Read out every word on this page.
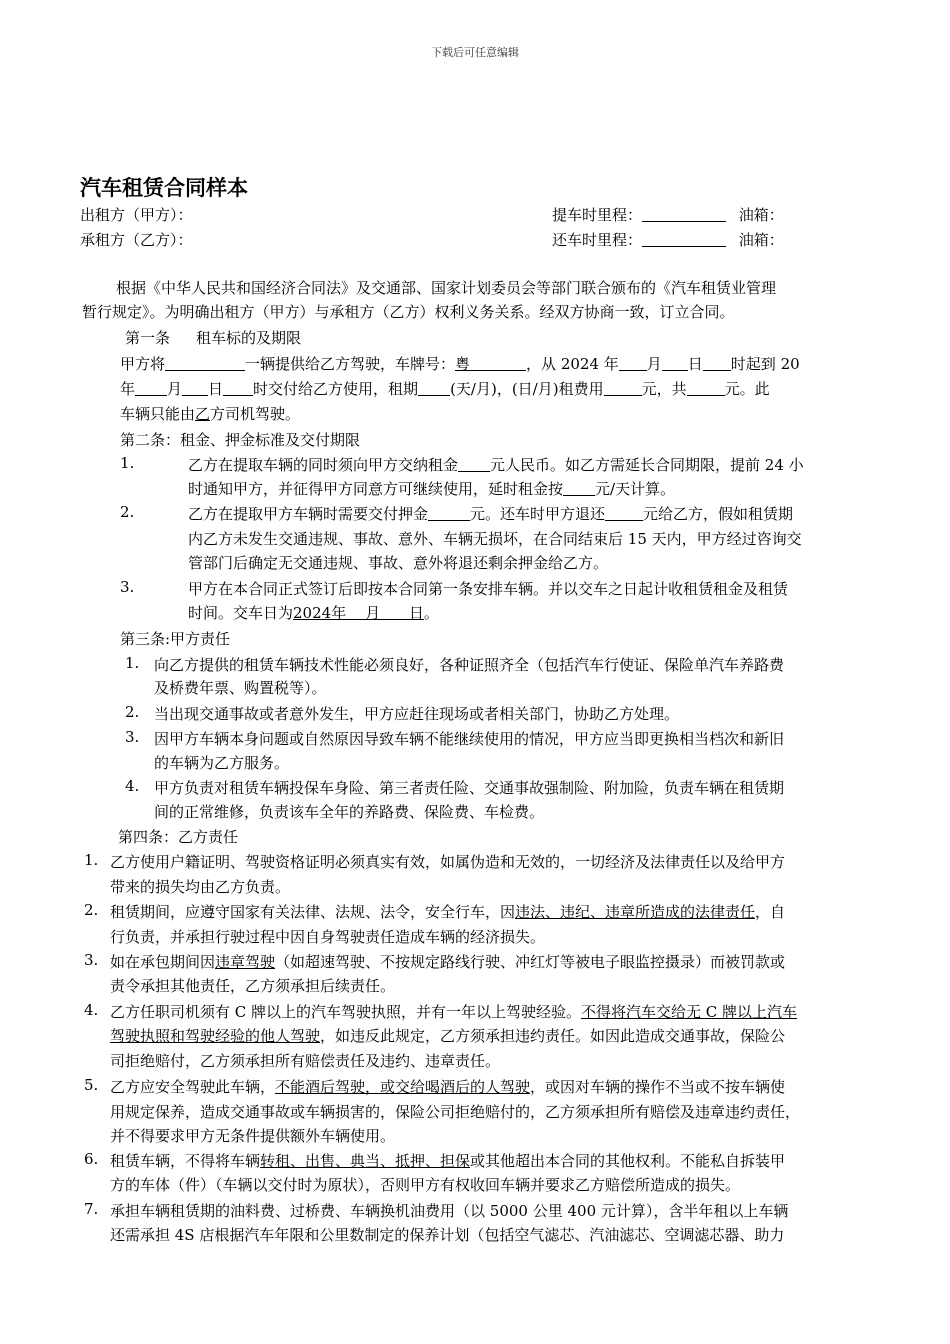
下载后可任意编辑
汽车租赁合同样本
出租方（甲方）：	提车时里程：	油箱：
承租方（乙方）：	还车时里程：	油箱：
根据《中华人民共和国经济合同法》及交通部、国家计划委员会等部门联合颁布的《汽车租赁业管理
暂行规定》。为明确出租方（甲方）与承租方（乙方）权利义务关系。经双方协商一致，订立合同。
第一条 租车标的及期限
甲方将	一辆提供给乙方驾驶，车牌号：粤	，从 2024 年 月 日 时起到 20
年 月 日 时交付给乙方使用，租期 (天/月)，(日/月)租费用	元，共	元。此
车辆只能由乙方司机驾驶。
第二条：租金、押金标准及交付期限
1.	乙方在提取车辆的同时须向甲方交纳租金 元人民币。如乙方需延长合同期限，提前 24 小
时通知甲方，并征得甲方同意方可继续使用，延时租金按 元/天计算。
2.	乙方在提取甲方车辆时需要交付押金	元。还车时甲方退还	元给乙方，假如租赁期
内乙方未发生交通违规、事故、意外、车辆无损坏，在合同结束后 15 天内，甲方经过咨询交
管部门后确定无交通违规、事故、意外将退还剩余押金给乙方。
3.	甲方在本合同正式签订后即按本合同第一条安排车辆。并以交车之日起计收租赁租金及租赁
时间。交车日为2024年    月      日。
第三条:甲方责任
1. 向乙方提供的租赁车辆技术性能必须良好，各种证照齐全（包括汽车行使证、保险单汽车养路费
及桥费年票、购置税等）。
2. 当出现交通事故或者意外发生，甲方应赶往现场或者相关部门，协助乙方处理。
3. 因甲方车辆本身问题或自然原因导致车辆不能继续使用的情况，甲方应当即更换相当档次和新旧
的车辆为乙方服务。
4. 甲方负责对租赁车辆投保车身险、第三者责任险、交通事故强制险、附加险，负责车辆在租赁期
间的正常维修，负责该车全年的养路费、保险费、车检费。
第四条：乙方责任
1. 乙方使用户籍证明、驾驶资格证明必须真实有效，如属伪造和无效的，一切经济及法律责任以及给甲方
带来的损失均由乙方负责。
2. 租赁期间，应遵守国家有关法律、法规、法令，安全行车，因违法、违纪、违章所造成的法律责任，自
行负责，并承担行驶过程中因自身驾驶责任造成车辆的经济损失。
3. 如在承包期间因违章驾驶（如超速驾驶、不按规定路线行驶、冲红灯等被电子眼监控摄录）而被罚款或
责令承担其他责任，乙方须承担后续责任。
4. 乙方任职司机须有 C 牌以上的汽车驾驶执照，并有一年以上驾驶经验。不得将汽车交给无 C 牌以上汽车
驾驶执照和驾驶经验的他人驾驶，如违反此规定，乙方须承担违约责任。如因此造成交通事故，保险公
司拒绝赔付，乙方须承担所有赔偿责任及违约、违章责任。
5. 乙方应安全驾驶此车辆，不能酒后驾驶，或交给喝酒后的人驾驶，或因对车辆的操作不当或不按车辆使
用规定保养，造成交通事故或车辆损害的，保险公司拒绝赔付的，乙方须承担所有赔偿及违章违约责任，
并不得要求甲方无条件提供额外车辆使用。
6. 租赁车辆，不得将车辆转租、出售、典当、抵押、担保或其他超出本合同的其他权利。不能私自拆装甲
方的车体（件）（车辆以交付时为原状），否则甲方有权收回车辆并要求乙方赔偿所造成的损失。
7. 承担车辆租赁期的油料费、过桥费、车辆换机油费用（以 5000 公里 400 元计算），含半年租以上车辆
还需承担 4S 店根据汽车年限和公里数制定的保养计划（包括空气滤芯、汽油滤芯、空调滤芯器、助力
